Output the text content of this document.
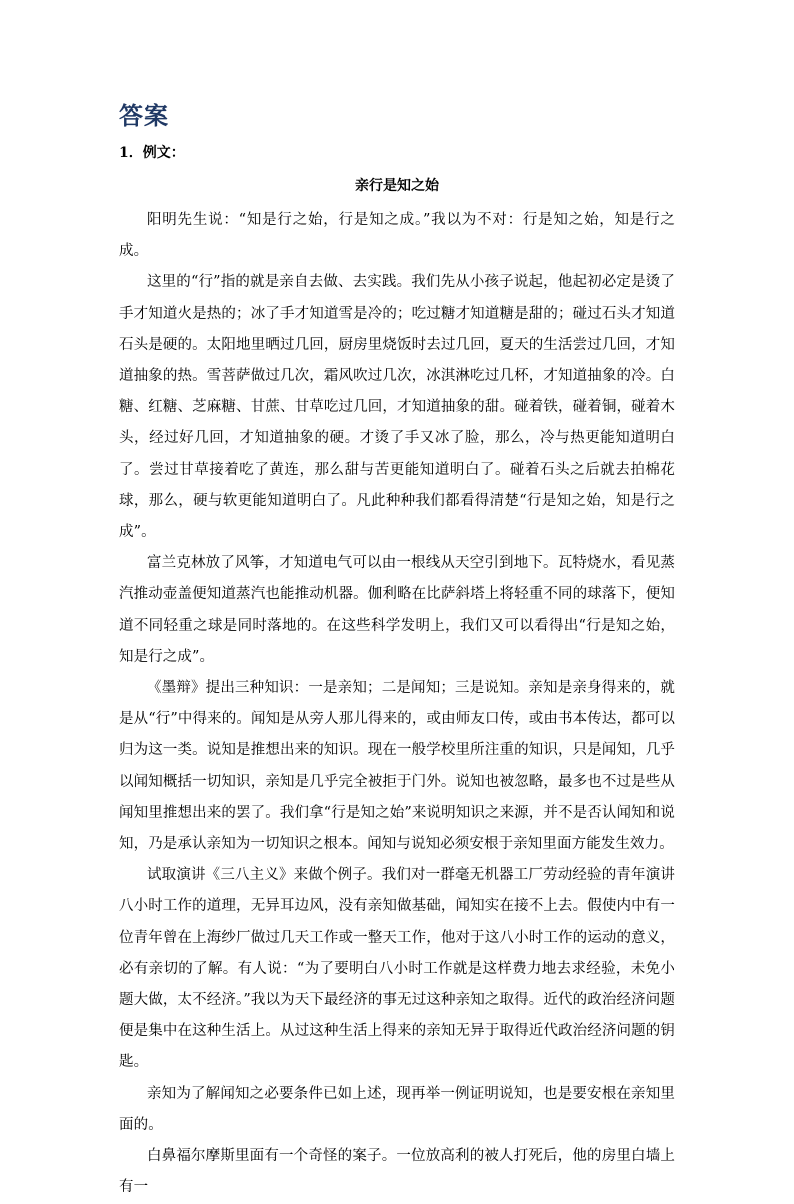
答案
1．例文：
亲行是知之始

阳明先生说：“知是行之始，行是知之成。”我以为不对：行是知之始，知是行之成。

这里的“行”指的就是亲自去做、去实践。我们先从小孩子说起，他起初必定是烫了手才知道火是热的；冰了手才知道雪是冷的；吃过糖才知道糖是甜的；碰过石头才知道石头是硬的。太阳地里晒过几回，厨房里烧饭时去过几回，夏天的生活尝过几回，才知道抽象的热。雪菩萨做过几次，霜风吹过几次，冰淇淋吃过几杯，才知道抽象的冷。白糖、红糖、芝麻糖、甘蔗、甘草吃过几回，才知道抽象的甜。碰着铁，碰着铜，碰着木头，经过好几回，才知道抽象的硬。才烫了手又冰了脸，那么，冷与热更能知道明白了。尝过甘草接着吃了黄连，那么甜与苦更能知道明白了。碰着石头之后就去拍棉花球，那么，硬与软更能知道明白了。凡此种种我们都看得清楚“行是知之始，知是行之成”。

富兰克林放了风筝，才知道电气可以由一根线从天空引到地下。瓦特烧水，看见蒸汽推动壶盖便知道蒸汽也能推动机器。伽利略在比萨斜塔上将轻重不同的球落下，便知道不同轻重之球是同时落地的。在这些科学发明上，我们又可以看得出“行是知之始，知是行之成”。

《墨辩》提出三种知识：一是亲知；二是闻知；三是说知。亲知是亲身得来的，就是从“行”中得来的。闻知是从旁人那儿得来的，或由师友口传，或由书本传达，都可以归为这一类。说知是推想出来的知识。现在一般学校里所注重的知识，只是闻知，几乎以闻知概括一切知识，亲知是几乎完全被拒于门外。说知也被忽略，最多也不过是些从闻知里推想出来的罢了。我们拿“行是知之始”来说明知识之来源，并不是否认闻知和说知，乃是承认亲知为一切知识之根本。闻知与说知必须安根于亲知里面方能发生效力。

试取演讲《三八主义》来做个例子。我们对一群毫无机器工厂劳动经验的青年演讲八小时工作的道理，无异耳边风，没有亲知做基础，闻知实在接不上去。假使内中有一位青年曾在上海纱厂做过几天工作或一整天工作，他对于这八小时工作的运动的意义，必有亲切的了解。有人说：“为了要明白八小时工作就是这样费力地去求经验，未免小题大做，太不经济。”我以为天下最经济的事无过这种亲知之取得。近代的政治经济问题便是集中在这种生活上。从过这种生活上得来的亲知无异于取得近代政治经济问题的钥匙。

亲知为了解闻知之必要条件已如上述，现再举一例证明说知，也是要安根在亲知里面的。

白鼻福尔摩斯里面有一个奇怪的案子。一位放高利的被人打死后，他的房里白墙上有一
